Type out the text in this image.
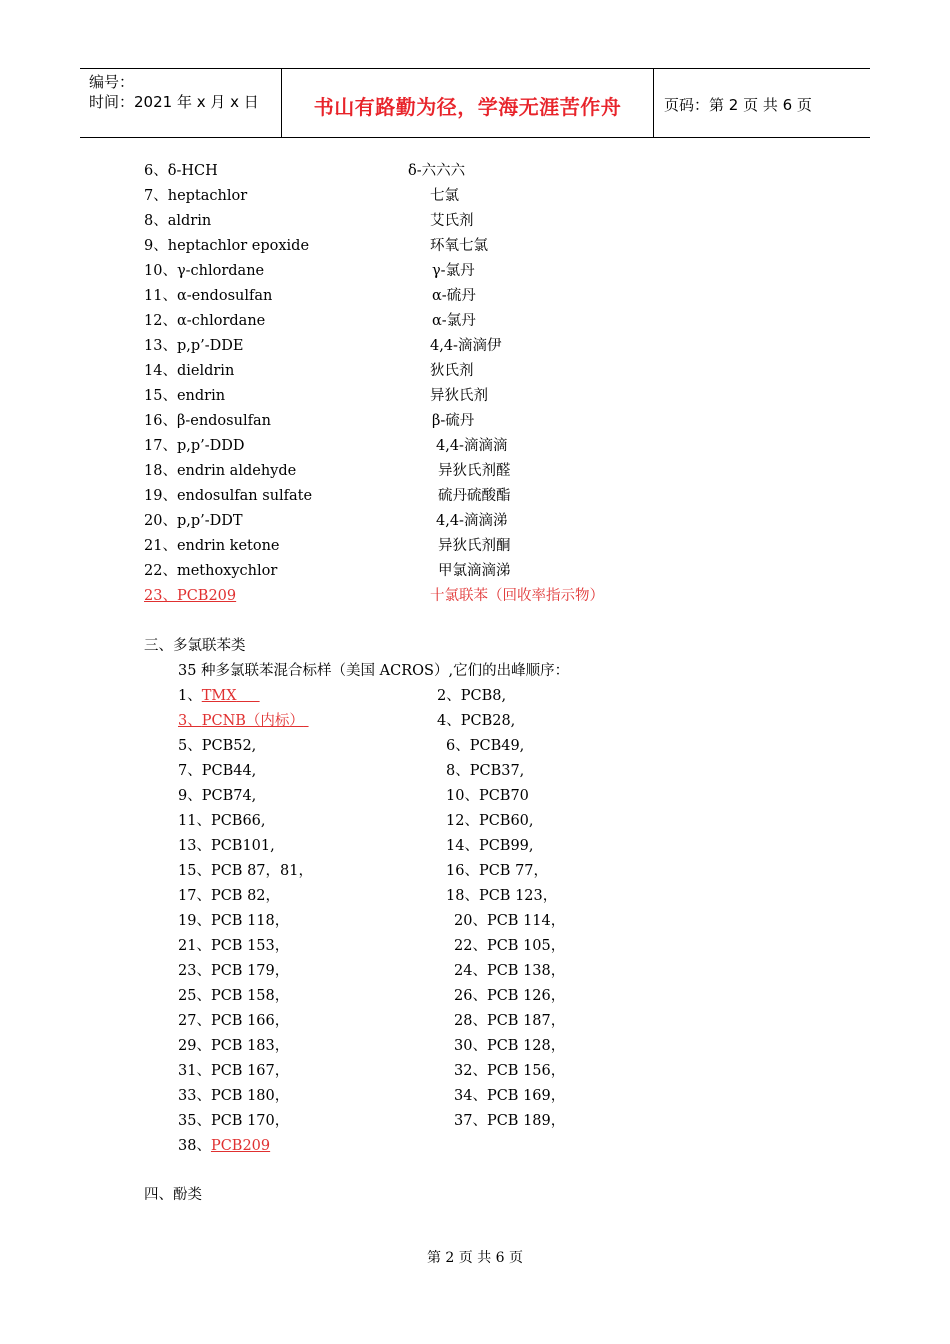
编号：
时间：2021 年 x 月 x 日	书山有路勤为径，学海无涯苦作舟	页码：第 2 页 共 6 页
6、δ-HCH	δ-六六六
7、heptachlor	七氯
8、aldrin	艾氏剂
9、heptachlor epoxide	环氧七氯
10、γ-chlordane	γ-氯丹
11、α-endosulfan	α-硫丹
12、α-chlordane	α-氯丹
13、p,p’-DDE	4,4-滴滴伊
14、dieldrin	狄氏剂
15、endrin	异狄氏剂
16、β-endosulfan	β-硫丹
17、p,p’-DDD	4,4-滴滴滴
18、endrin aldehyde	异狄氏剂醛
19、endosulfan sulfate	硫丹硫酸酯
20、p,p’-DDT	4,4-滴滴涕
21、endrin ketone	异狄氏剂酮
22、methoxychlor	甲氯滴滴涕
23、PCB209	十氯联苯（回收率指示物）
三、多氯联苯类
35 种多氯联苯混合标样（美国 ACROS）,它们的出峰顺序：
1、TMX	2、PCB8,
3、PCNB（内标）	4、PCB28,
5、PCB52,	6、PCB49,
7、PCB44,	8、PCB37,
9、PCB74,	10、PCB70
11、PCB66,	12、PCB60,
13、PCB101,	14、PCB99,
15、PCB 87，81，	16、PCB 77，
17、PCB 82，	18、PCB 123，
19、PCB 118，	20、PCB 114，
21、PCB 153，	22、PCB 105，
23、PCB 179，	24、PCB 138，
25、PCB 158，	26、PCB 126，
27、PCB 166，	28、PCB 187，
29、PCB 183，	30、PCB 128，
31、PCB 167，	32、PCB 156，
33、PCB 180，	34、PCB 169，
35、PCB 170，	37、PCB 189，
38、PCB209
四、酚类
第 2 页 共 6 页
